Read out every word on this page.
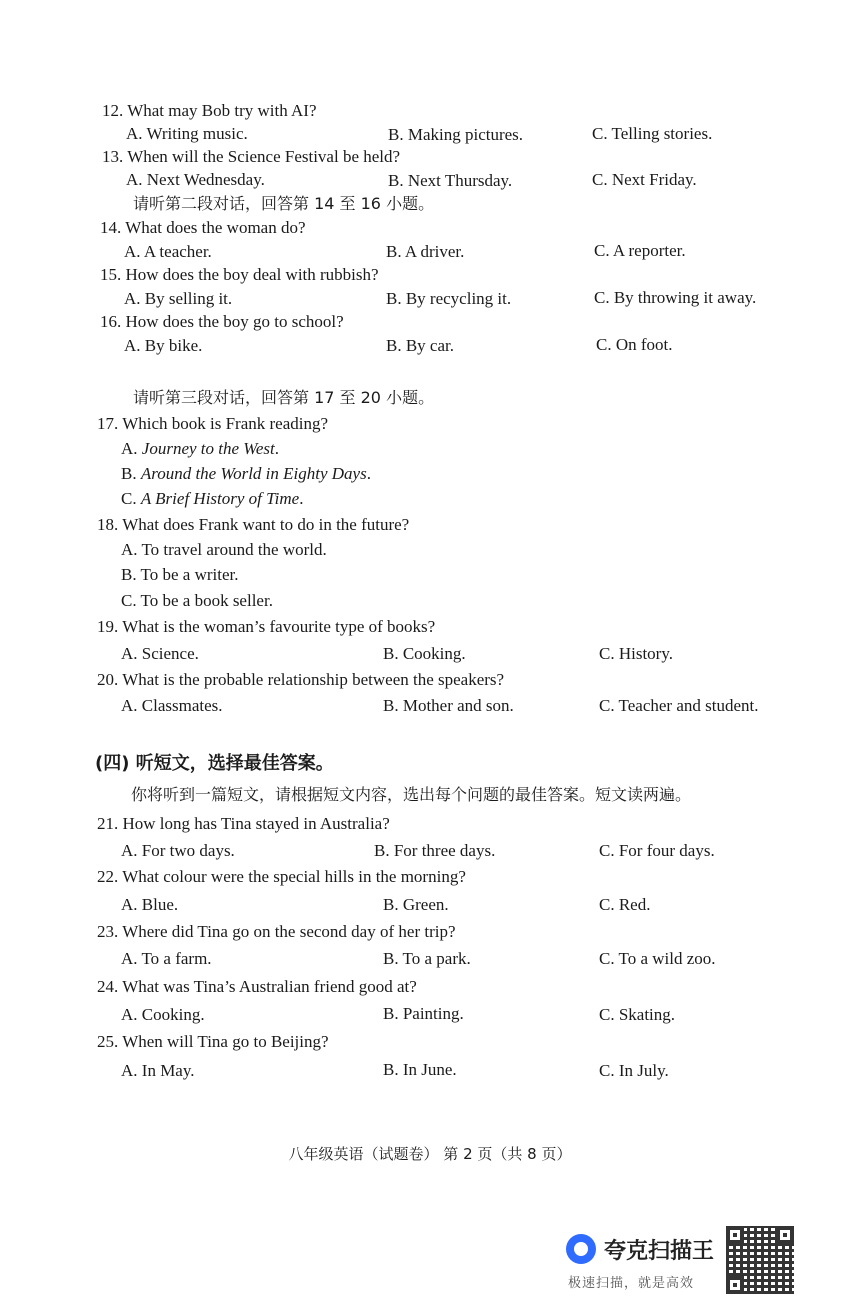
12. What may Bob try with AI?
A. Writing music.	B. Making pictures.	C. Telling stories.
13. When will the Science Festival be held?
A. Next Wednesday.	B. Next Thursday.	C. Next Friday.
请听第二段对话，回答第 14 至 16 小题。
14. What does the woman do?
A. A teacher.	B. A driver.	C. A reporter.
15. How does the boy deal with rubbish?
A. By selling it.	B. By recycling it.	C. By throwing it away.
16. How does the boy go to school?
A. By bike.	B. By car.	C. On foot.
请听第三段对话，回答第 17 至 20 小题。
17. Which book is Frank reading?
A. Journey to the West.
B. Around the World in Eighty Days.
C. A Brief History of Time.
18. What does Frank want to do in the future?
A. To travel around the world.
B. To be a writer.
C. To be a book seller.
19. What is the woman’s favourite type of books?
A. Science.	B. Cooking.	C. History.
20. What is the probable relationship between the speakers?
A. Classmates.	B. Mother and son.	C. Teacher and student.
(四) 听短文，选择最佳答案。
你将听到一篇短文，请根据短文内容，选出每个问题的最佳答案。短文读两遍。
21. How long has Tina stayed in Australia?
A. For two days.	B. For three days.	C. For four days.
22. What colour were the special hills in the morning?
A. Blue.	B. Green.	C. Red.
23. Where did Tina go on the second day of her trip?
A. To a farm.	B. To a park.	C. To a wild zoo.
24. What was Tina’s Australian friend good at?
A. Cooking.	B. Painting.	C. Skating.
25. When will Tina go to Beijing?
A. In May.	B. In June.	C. In July.
八年级英语（试题卷） 第 2 页（共 8 页）
夸克扫描王
极速扫描，就是高效
